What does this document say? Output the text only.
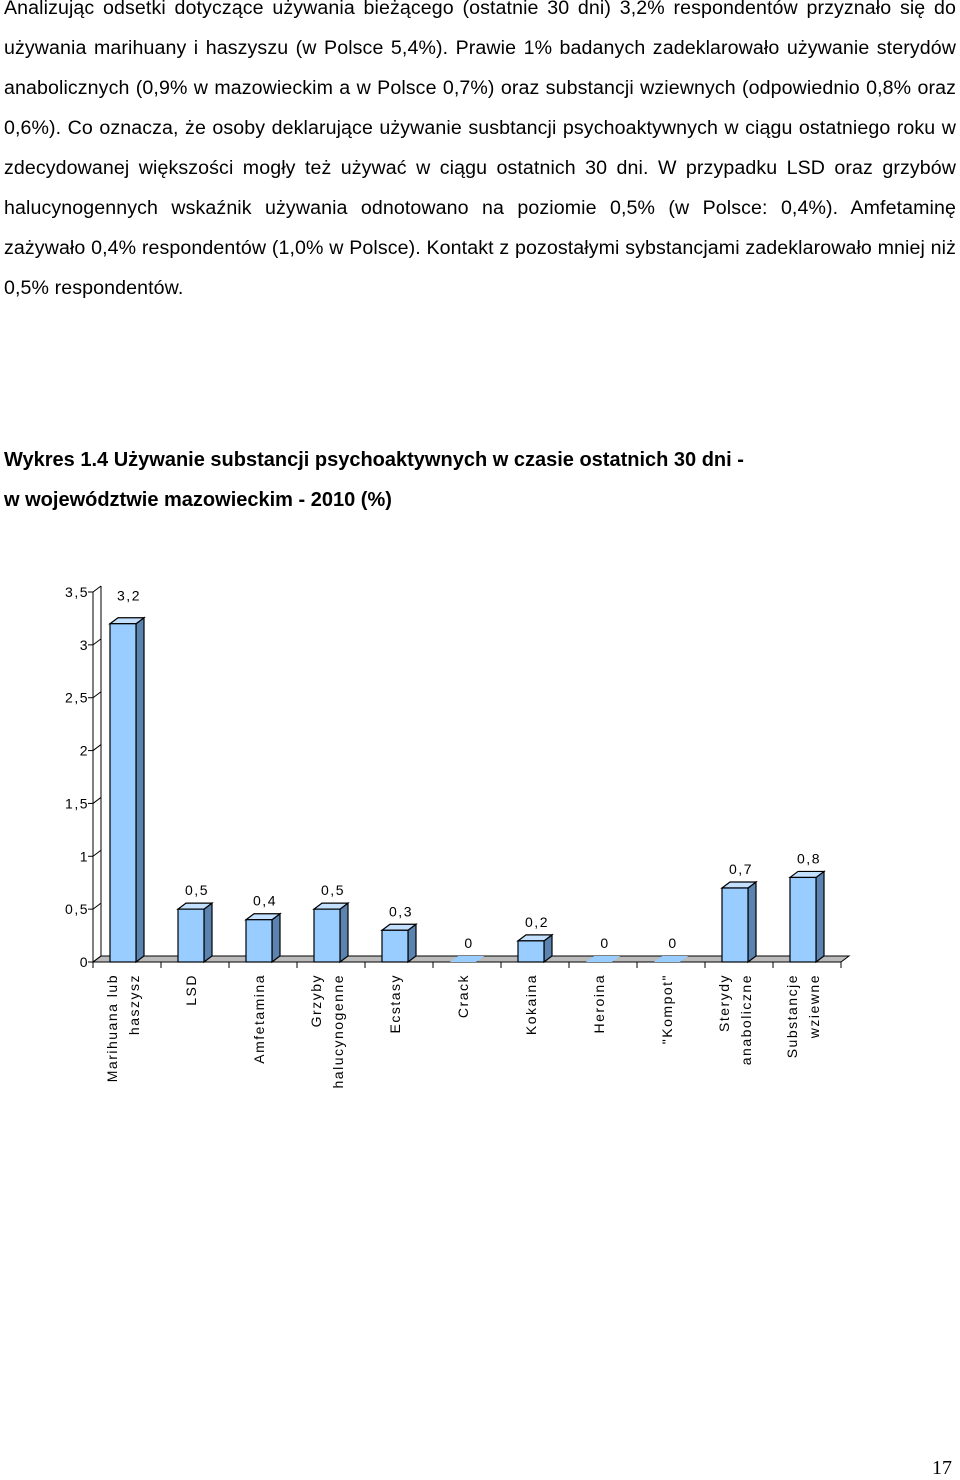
Analizując odsetki dotyczące używania bieżącego (ostatnie 30 dni) 3,2% respondentów przyznało się do używania marihuany i haszyszu (w Polsce 5,4%). Prawie 1% badanych zadeklarowało używanie sterydów anabolicznych (0,9% w mazowieckim a w Polsce 0,7%) oraz substancji wziewnych (odpowiednio 0,8% oraz 0,6%). Co oznacza, że osoby deklarujące używanie susbtancji psychoaktywnych w ciągu ostatniego roku w zdecydowanej większości mogły też używać w ciągu ostatnich 30 dni. W przypadku LSD oraz grzybów halucynogennych wskaźnik używania odnotowano na poziomie 0,5% (w Polsce: 0,4%). Amfetaminę zażywało 0,4% respondentów (1,0% w Polsce). Kontakt z pozostałymi sybstancjami zadeklarowało mniej niż 0,5% respondentów.

Wykres 1.4 Używanie substancji psychoaktywnych w czasie ostatnich 30 dni -
w województwie mazowieckim - 2010 (%)
0
0,5
1
1,5
2
2,5
3
3,5 3,2
0,5
0,4
0,5
0,3
0
0,2
0	0
0,7
0,8
Marihuana lub haszysz	LSD	Amfetamina	Grzyby halucynogenne	Ecstasy	Crack	Kokaina	Heroina	"Kompot"	Sterydy anaboliczne Substancje wziewne
17
